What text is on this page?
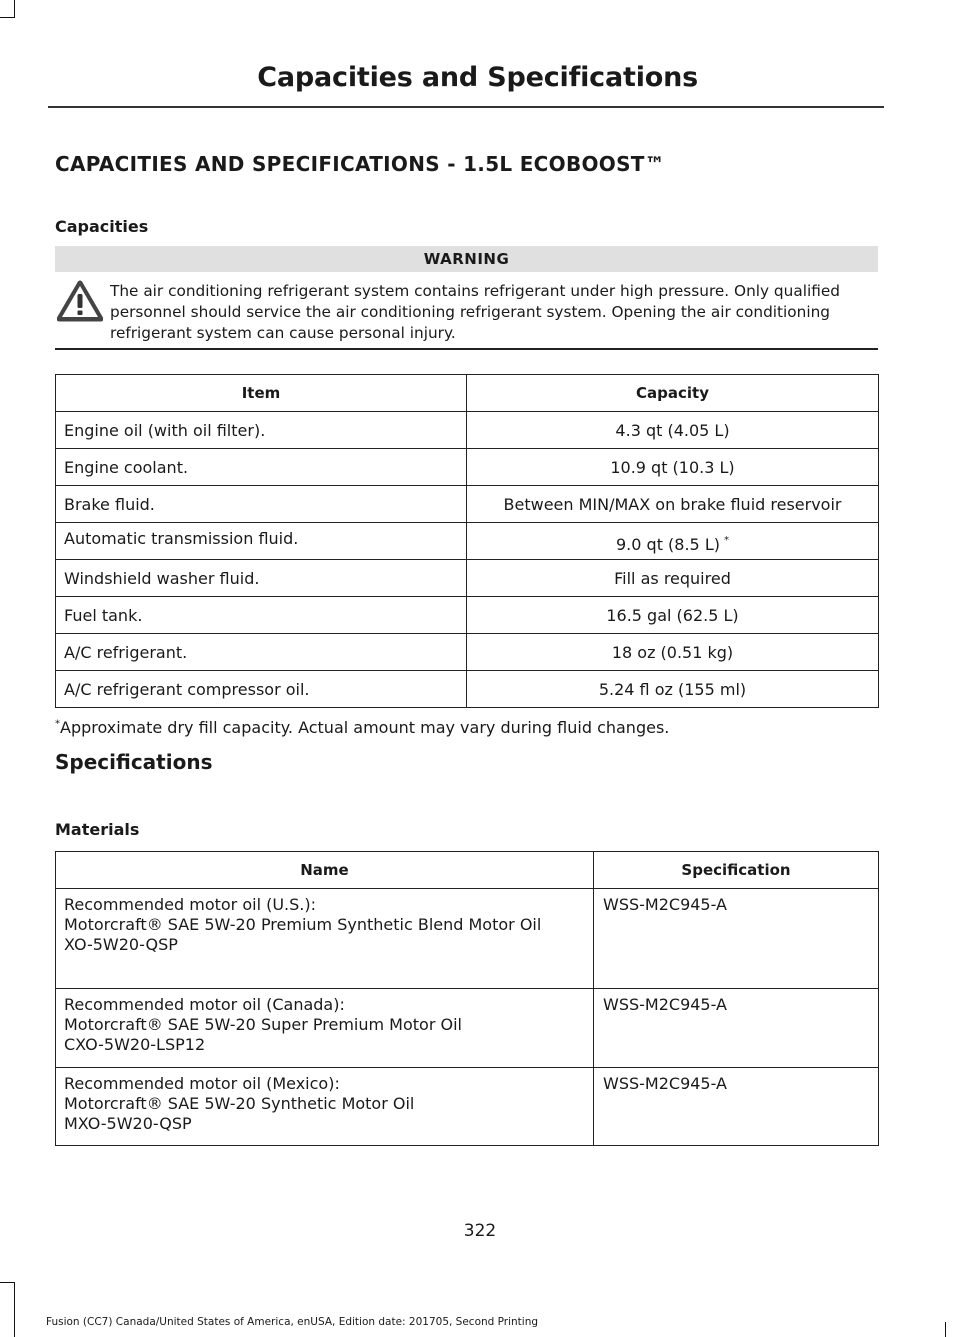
Capacities and Specifications
CAPACITIES AND SPECIFICATIONS - 1.5L ECOBOOST™
Capacities
WARNING
The air conditioning refrigerant system contains refrigerant under high pressure. Only qualified personnel should service the air conditioning refrigerant system. Opening the air conditioning refrigerant system can cause personal injury.
Item	Capacity
Engine oil (with oil filter).	4.3 qt (4.05 L)
Engine coolant.	10.9 qt (10.3 L)
Brake fluid.	Between MIN/MAX on brake fluid reservoir
Automatic transmission fluid.	9.0 qt (8.5 L) *
Windshield washer fluid.	Fill as required
Fuel tank.	16.5 gal (62.5 L)
A/C refrigerant.	18 oz (0.51 kg)
A/C refrigerant compressor oil.	5.24 fl oz (155 ml)
*Approximate dry fill capacity. Actual amount may vary during fluid changes.
Specifications
Materials
Name	Specification

Recommended motor oil (U.S.):
Motorcraft® SAE 5W-20 Premium Synthetic Blend Motor Oil
XO-5W20-QSP	WSS-M2C945-A

Recommended motor oil (Canada):
Motorcraft® SAE 5W-20 Super Premium Motor Oil
CXO-5W20-LSP12	WSS-M2C945-A

Recommended motor oil (Mexico):
Motorcraft® SAE 5W-20 Synthetic Motor Oil
MXO-5W20-QSP	WSS-M2C945-A
322
Fusion (CC7) Canada/United States of America, enUSA, Edition date: 201705, Second Printing
